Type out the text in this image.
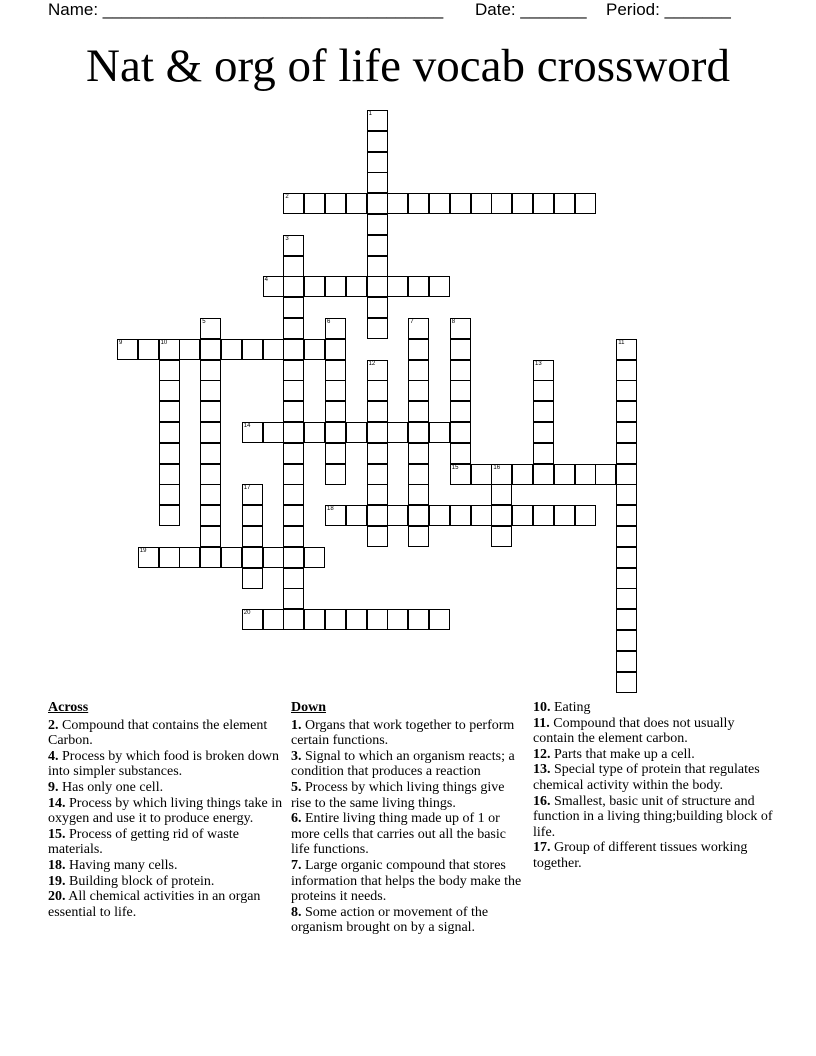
Name: ____________________________________

Date: _______

Period: _______

Nat & org of life vocab crossword
1
2
3
4
5	6	7	8
15
9	10	11
12	13
14
16
17
18
19
20
Across
2. Compound that contains the element Carbon.
4. Process by which food is broken down into simpler substances.
9. Has only one cell.
14. Process by which living things take in oxygen and use it to produce energy.
15. Process of getting rid of waste materials.
18. Having many cells.
19. Building block of protein.
20. All chemical activities in an organ essential to life.
Down
1. Organs that work together to perform certain functions.
3. Signal to which an organism reacts; a condition that produces a reaction
5. Process by which living things give rise to the same living things.
6. Entire living thing made up of 1 or more cells that carries out all the basic life functions.
7. Large organic compound that stores information that helps the body make the proteins it needs.
8. Some action or movement of the organism brought on by a signal.
10. Eating
11. Compound that does not usually contain the element carbon.
12. Parts that make up a cell.
13. Special type of protein that regulates chemical activity within the body.
16. Smallest, basic unit of structure and function in a living thing;building block of life.
17. Group of different tissues working together.
